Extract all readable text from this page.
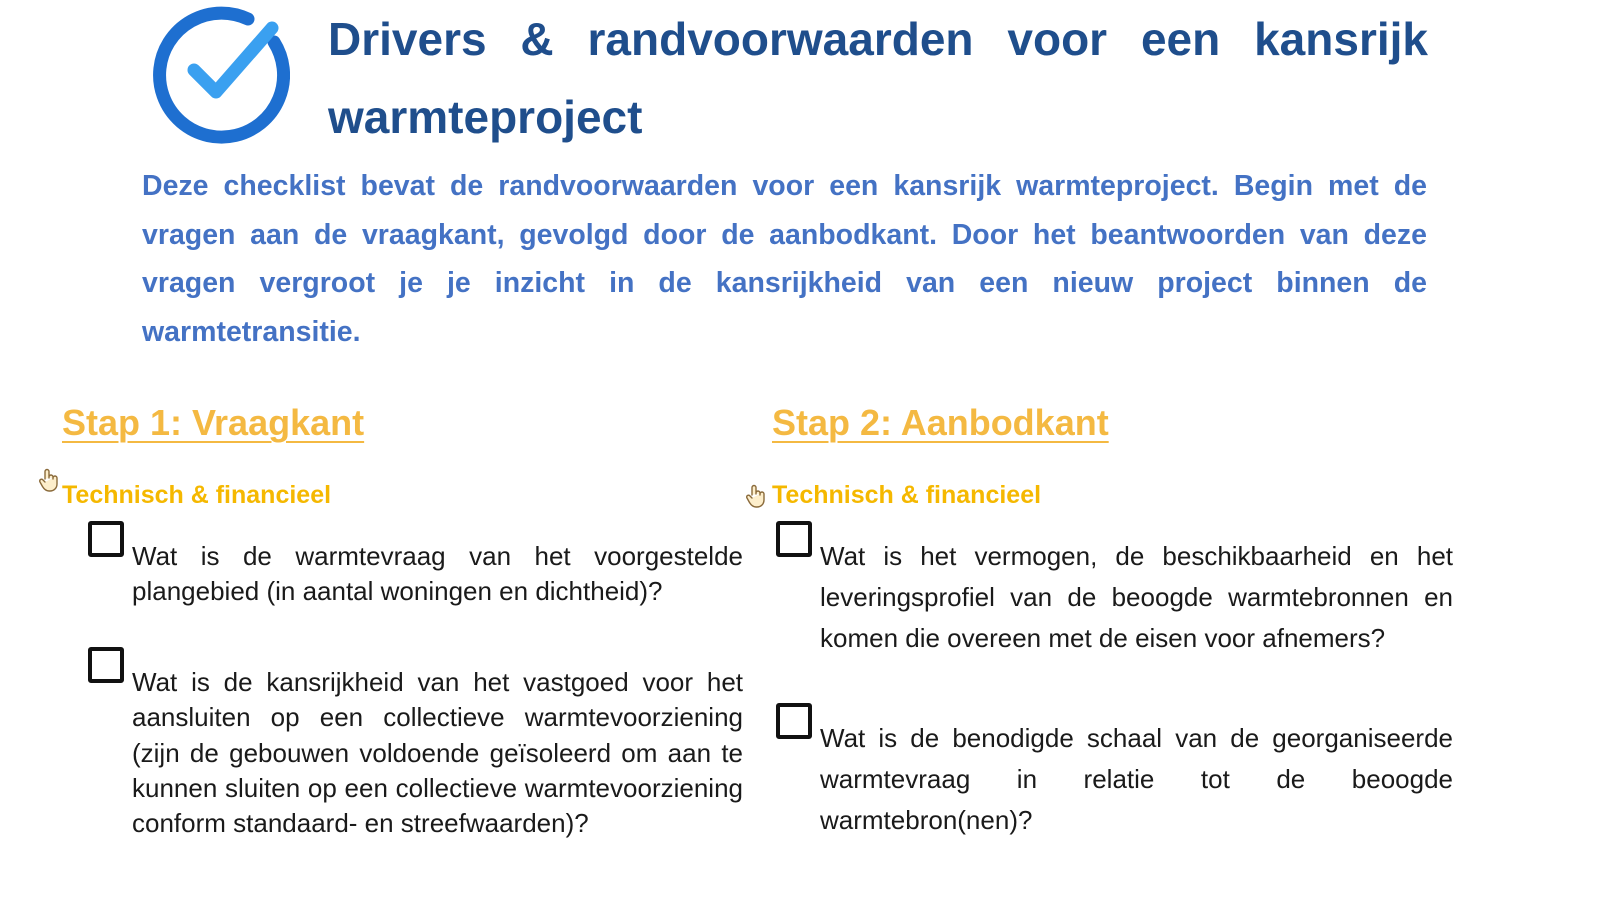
Drivers & randvoorwaarden voor een kansrijk warmteproject

Deze checklist bevat de randvoorwaarden voor een kansrijk warmteproject. Begin met de vragen aan de vraagkant, gevolgd door de aanbodkant. Door het beantwoorden van deze vragen vergroot je je inzicht in de kansrijkheid van een nieuw project binnen de warmtetransitie.

Stap 1: Vraagkant
Technisch & financieel

Wat is de warmtevraag van het voorgestelde plangebied (in aantal woningen en dichtheid)?

Wat is de kansrijkheid van het vastgoed voor het aansluiten op een collectieve warmtevoorziening (zijn de gebouwen voldoende geïsoleerd om aan te kunnen sluiten op een collectieve warmtevoorziening conform standaard- en streefwaarden)?

Stap 2: Aanbodkant
Technisch & financieel

Wat is het vermogen, de beschikbaarheid en het leveringsprofiel van de beoogde warmtebronnen en komen die overeen met de eisen voor afnemers?

Wat is de benodigde schaal van de georganiseerde warmtevraag in relatie tot de beoogde warmtebron(nen)?
